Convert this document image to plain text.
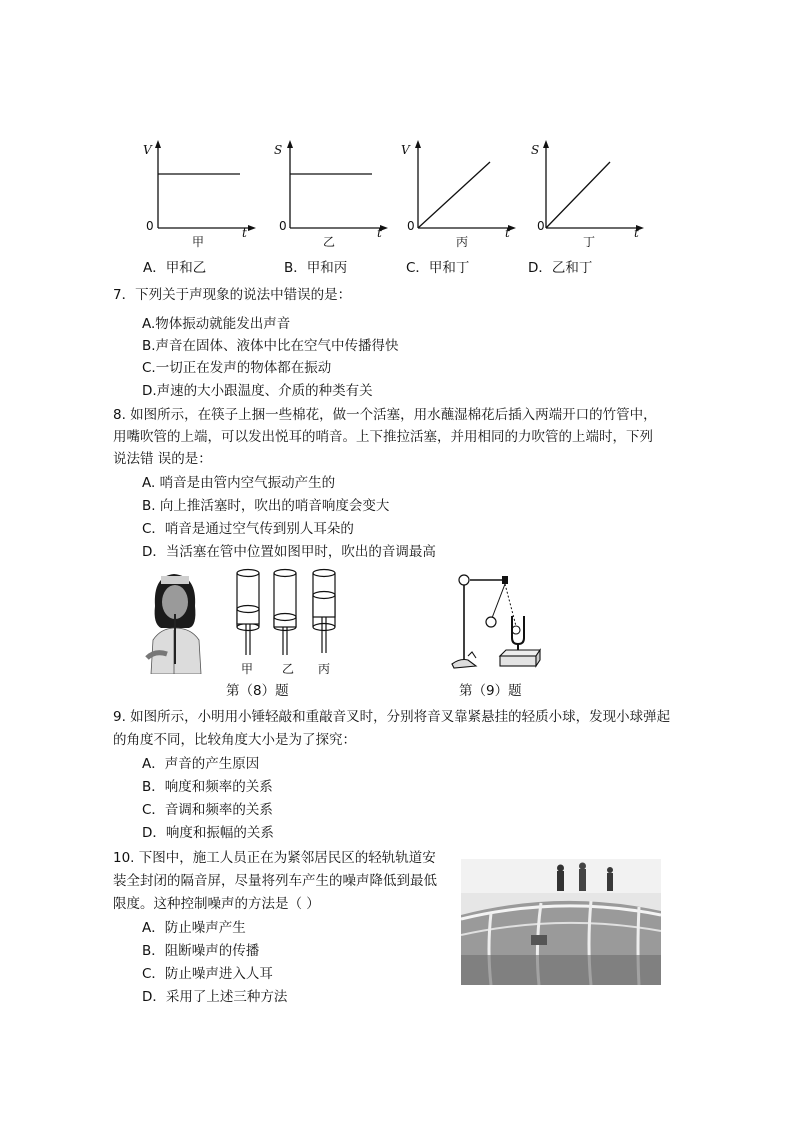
V
t
0
甲
S
t
0
乙
V
t
0
丙
S
t
0
丁
A．甲和乙	B．甲和丙	C．甲和丁	D．乙和丁
7．下列关于声现象的说法中错误的是：
A.物体振动就能发出声音
B.声音在固体、液体中比在空气中传播得快
C.一切正在发声的物体都在振动
D.声速的大小跟温度、介质的种类有关
8. 如图所示，在筷子上捆一些棉花，做一个活塞，用水蘸湿棉花后插入两端开口的竹管中，
用嘴吹管的上端，可以发出悦耳的哨音。上下推拉活塞，并用相同的力吹管的上端时，下列
说法错 误的是：
A. 哨音是由管内空气振动产生的
B. 向上推活塞时，吹出的哨音响度会变大
C．哨音是通过空气传到别人耳朵的
D．当活塞在管中位置如图甲时，吹出的音调最高
甲 乙 丙
第（8）题	第（9）题
9. 如图所示，小明用小锤轻敲和重敲音叉时，分别将音叉靠紧悬挂的轻质小球，发现小球弹起
的角度不同，比较角度大小是为了探究：
A．声音的产生原因
B．响度和频率的关系
C．音调和频率的关系
D．响度和振幅的关系
10. 下图中，施工人员正在为紧邻居民区的轻轨轨道安
装全封闭的隔音屏，尽量将列车产生的噪声降低到最低
限度。这种控制噪声的方法是（ ）
A．防止噪声产生
B．阻断噪声的传播
C．防止噪声进入人耳
D．采用了上述三种方法
